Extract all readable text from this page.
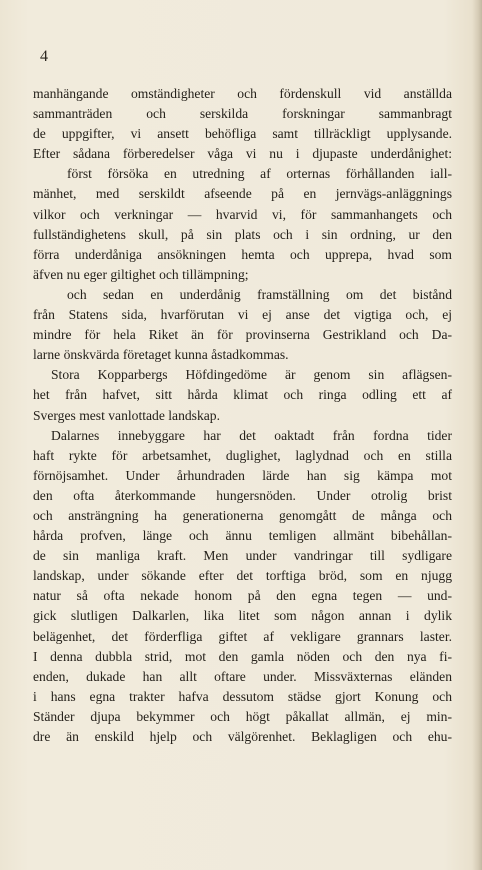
4
manhängande omständigheter och fördenskull vid anställda
sammanträden och serskilda forskningar sammanbragt
de uppgifter, vi ansett behöfliga samt tillräckligt upplysande.
Efter sådana förberedelser våga vi nu i djupaste underdånighet:
först försöka en utredning af orternas förhållanden iall-
mänhet, med serskildt afseende på en jernvägs-anläggnings
vilkor och verkningar — hvarvid vi, för sammanhangets och
fullständighetens skull, på sin plats och i sin ordning, ur den
förra underdåniga ansökningen hemta och upprepa, hvad som
äfven nu eger giltighet och tillämpning;
och sedan en underdånig framställning om det bistånd
från Statens sida, hvarförutan vi ej anse det vigtiga och, ej
mindre för hela Riket än för provinserna Gestrikland och Da-
larne önskvärda företaget kunna åstadkommas.
Stora Kopparbergs Höfdingedöme är genom sin aflägsen-
het från hafvet, sitt hårda klimat och ringa odling ett af
Sverges mest vanlottade landskap.
Dalarnes innebyggare har det oaktadt från fordna tider
haft rykte för arbetsamhet, duglighet, laglydnad och en stilla
förnöjsamhet. Under århundraden lärde han sig kämpa mot
den ofta återkommande hungersnöden. Under otrolig brist
och ansträngning ha generationerna genomgått de många och
hårda profven, länge och ännu temligen allmänt bibehållan-
de sin manliga kraft. Men under vandringar till sydligare
landskap, under sökande efter det torftiga bröd, som en njugg
natur så ofta nekade honom på den egna tegen — und-
gick slutligen Dalkarlen, lika litet som någon annan i dylik
belägenhet, det förderfliga giftet af vekligare grannars laster.
I denna dubbla strid, mot den gamla nöden och den nya fi-
enden, dukade han allt oftare under. Missväxternas eländen
i hans egna trakter hafva dessutom städse gjort Konung och
Ständer djupa bekymmer och högt påkallat allmän, ej min-
dre än enskild hjelp och välgörenhet. Beklagligen och ehu-
